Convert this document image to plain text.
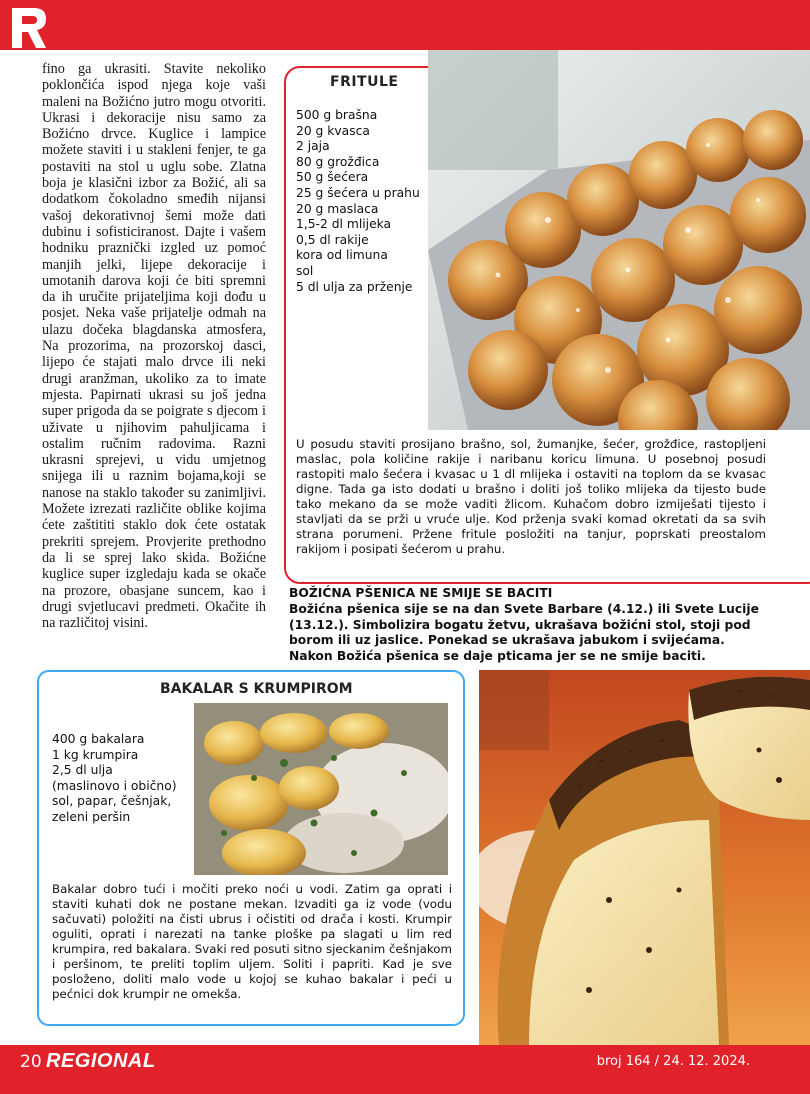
fino ga ukrasiti. Stavite nekoliko poklončića ispod njega koje vaši maleni na Božićno jutro mogu otvoriti. Ukrasi i dekoracije nisu samo za Božićno drvce. Kuglice i lampice možete staviti i u stakleni fenjer, te ga postaviti na stol u uglu sobe. Zlatna boja je klasični izbor za Božić, ali sa dodatkom čokoladno smeđih nijansi vašoj dekorativnoj šemi može dati dubinu i sofisticiranost. Dajte i vašem hodniku praznički izgled uz pomoć manjih jelki, lijepe dekoracije i umotanih darova koji će biti spremni da ih uručite prijateljima koji dođu u posjet. Neka vaše prijatelje odmah na ulazu dočeka blagdanska atmosfera, Na prozorima, na prozorskoj dasci, lijepo će stajati malo drvce ili neki drugi aranžman, ukoliko za to imate mjesta. Papirnati ukrasi su još jedna super prigoda da se poigrate s djecom i uživate u njihovim pahuljicama i ostalim ručnim radovima. Razni ukrasni sprejevi, u vidu umjetnog snijega ili u raznim bojama,koji se nanose na staklo također su zanimljivi. Možete izrezati različite oblike kojima ćete zaštititi staklo dok ćete ostatak prekriti sprejem. Provjerite prethodno da li se sprej lako skida. Božićne kuglice super izgledaju kada se okače na prozore, obasjane suncem, kao i drugi svjetlucavi predmeti. Okačite ih na različitoj visini.

FRITULE
500 g brašna
20 g kvasca
2 jaja
80 g grožđica
50 g šećera
25 g šećera u prahu
20 g maslaca
1,5-2 dl mlijeka
0,5 dl rakije
kora od limuna
sol
5 dl ulja za prženje

U posudu staviti prosijano brašno, sol, žumanjke, šećer, grožđice, rastopljeni maslac, pola količine rakije i naribanu koricu limuna. U posebnoj posudi rastopiti malo šećera i kvasac u 1 dl mlijeka i ostaviti na toplom da se kvasac digne. Tada ga isto dodati u brašno i doliti još toliko mlijeka da tijesto bude tako mekano da se može vaditi žlicom. Kuhačom dobro izmiješati tijesto i stavljati da se prži u vruće ulje. Kod prženja svaki komad okretati da sa svih strana porumeni. Pržene fritule posložiti na tanjur, poprskati preostalom rakijom i posipati šećerom u prahu.

BOŽIĆNA PŠENICA NE SMIJE SE BACITI

Božićna pšenica sije se na dan Svete Barbare (4.12.) ili Svete Lucije (13.12.). Simbolizira bogatu žetvu, ukrašava božićni stol, stoji pod borom ili uz jaslice. Ponekad se ukrašava jabukom i svijećama. Nakon Božića pšenica se daje pticama jer se ne smije baciti.

BAKALAR S KRUMPIROM
400 g bakalara
1 kg krumpira
2,5 dl ulja
(maslinovo i obično)
sol, papar, češnjak,
zeleni peršin

Bakalar dobro tući i močiti preko noći u vodi. Zatim ga oprati i staviti kuhati dok ne postane mekan. Izvaditi ga iz vode (vodu sačuvati) položiti na čisti ubrus i očistiti od drača i kosti. Krumpir oguliti, oprati i narezati na tanke ploške pa slagati u lim red krumpira, red bakalara. Svaki red posuti sitno sjeckanim češnjakom i peršinom, te preliti toplim uljem. Soliti i papriti. Kad je sve posloženo, doliti malo vode u kojoj se kuhao bakalar i peći u pećnici dok krumpir ne omekša.

20 REGIONAL	broj 164 / 24. 12. 2024.
